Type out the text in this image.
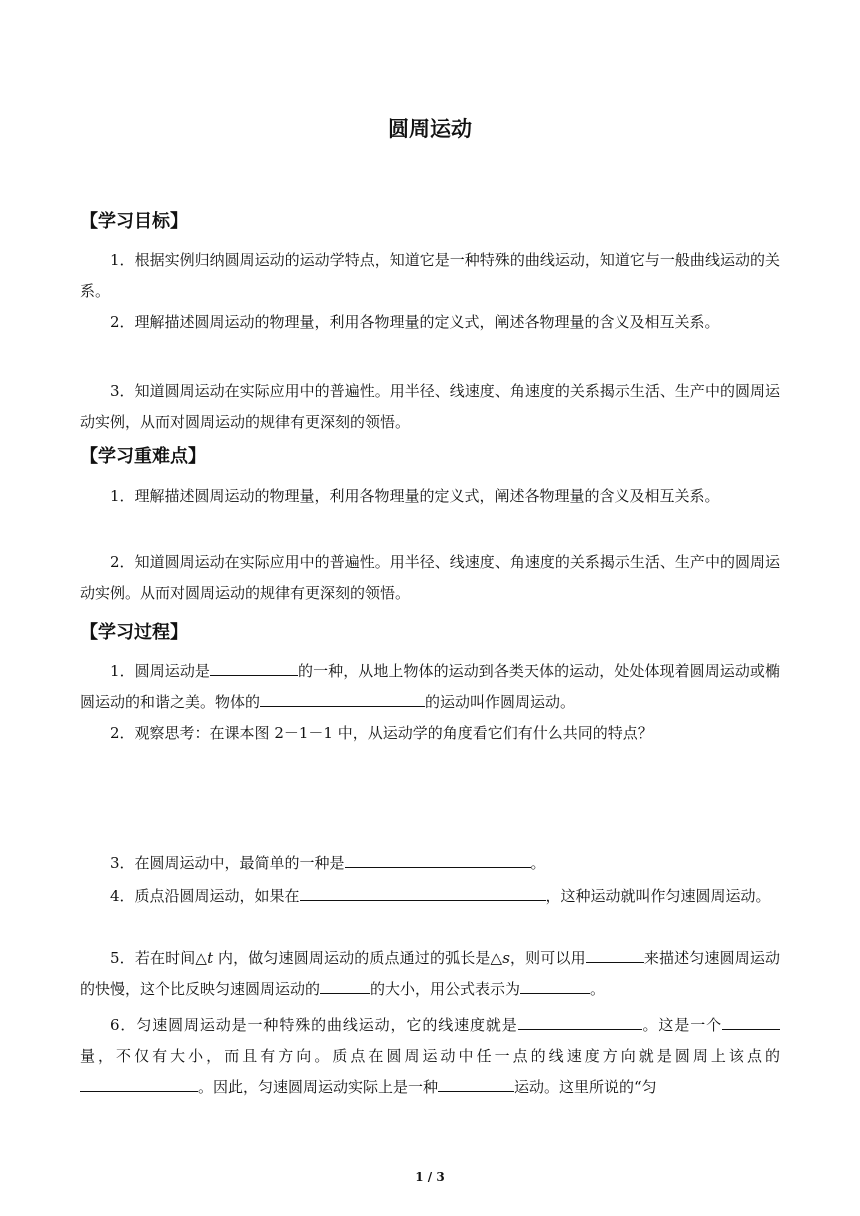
圆周运动
【学习目标】
1．根据实例归纳圆周运动的运动学特点，知道它是一种特殊的曲线运动，知道它与一般曲线运动的关系。
2．理解描述圆周运动的物理量，利用各物理量的定义式，阐述各物理量的含义及相互关系。
3．知道圆周运动在实际应用中的普遍性。用半径、线速度、角速度的关系揭示生活、生产中的圆周运动实例，从而对圆周运动的规律有更深刻的领悟。
【学习重难点】
1．理解描述圆周运动的物理量，利用各物理量的定义式，阐述各物理量的含义及相互关系。
2．知道圆周运动在实际应用中的普遍性。用半径、线速度、角速度的关系揭示生活、生产中的圆周运动实例。从而对圆周运动的规律有更深刻的领悟。
【学习过程】
1．圆周运动是	的一种，从地上物体的运动到各类天体的运动，处处体现着圆周运动或椭圆运动的和谐之美。物体的	的运动叫作圆周运动。
2．观察思考：在课本图 2－1－1 中，从运动学的角度看它们有什么共同的特点？
3．在圆周运动中，最简单的一种是	。
4．质点沿圆周运动，如果在	，这种运动就叫作匀速圆周运动。
5．若在时间△t 内，做匀速圆周运动的质点通过的弧长是△s，则可以用	来描述匀速圆周运动的快慢，这个比反映匀速圆周运动的	的大小，用公式表示为	。
6．匀速圆周运动是一种特殊的曲线运动，它的线速度就是	。这是一个量，不仅有大小，而且有方向。质点在圆周运动中任一点的线速度方向就是圆周上该点的。因此，匀速圆周运动实际上是一种	运动。这里所说的“匀
1 / 3
